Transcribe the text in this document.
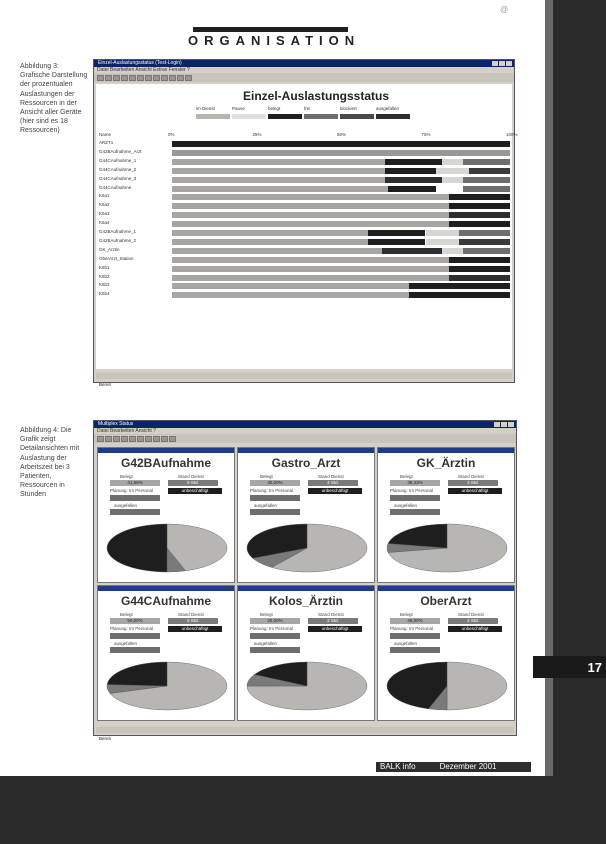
@
ORGANISATION
Abbildung 3: Grafische Darstellung der prozentualen Auslastungen der Ressourcen in der Ansicht aller Geräte (hier sind es 18 Ressourcen)
Abbildung 4: Die Grafik zeigt Detailansichten mit Auslastung der Arbeitszeit bei 3 Patienten, Ressourcen in Stunden
Einzel-Auslastungsstatus (Test-Login)
Datei Bearbeiten Ansicht Extras Fenster ?
Einzel-Auslastungsstatus
im Dienst	Pause	belegt	frei	blockiert	ausgefallen
Name	0%	25%	50%	75%	100%
ARZT1
G42BAufnahme_Arzt
G44CAufnahme_1
G44CAufnahme_2
G44CAufnahme_3
G44CAufnahme
K6a1
K6a2
K6a3
K6a4
G42BAufnahme_1
G42BAufnahme_2
GK_Arztin
OberArzt_Station
K6b1
K6b2
K6b3
K6b4
Bereit
Multiplex Status
Datei Bearbeiten Ansicht ?
G42BAufnahme
Belegt	Stand Dienst
41,66%	5 Std.
Planung: Im Personal	unbeschäftigt
ausgefallen
Gastro_Arzt
Belegt	Stand Dienst
40,00%	4 Std.
Planung: Im Personal	unbeschäftigt
ausgefallen
GK_Ärztin
Belegt	Stand Dienst
38,33%	3 Std.
Planung: Im Personal	unbeschäftigt
ausgefallen
G44CAufnahme
Belegt	Stand Dienst
50,00%	5 Std.
Planung: Im Personal	unbeschäftigt
ausgefallen
Kolos_Ärztin
Belegt	Stand Dienst
25,00%	2 Std.
Planung: Im Personal	unbeschäftigt
ausgefallen
OberArzt
Belegt	Stand Dienst
45,00%	4 Std.
Planung: Im Personal	unbeschäftigt
ausgefallen
Bereit
17
BALK info	Dezember 2001
